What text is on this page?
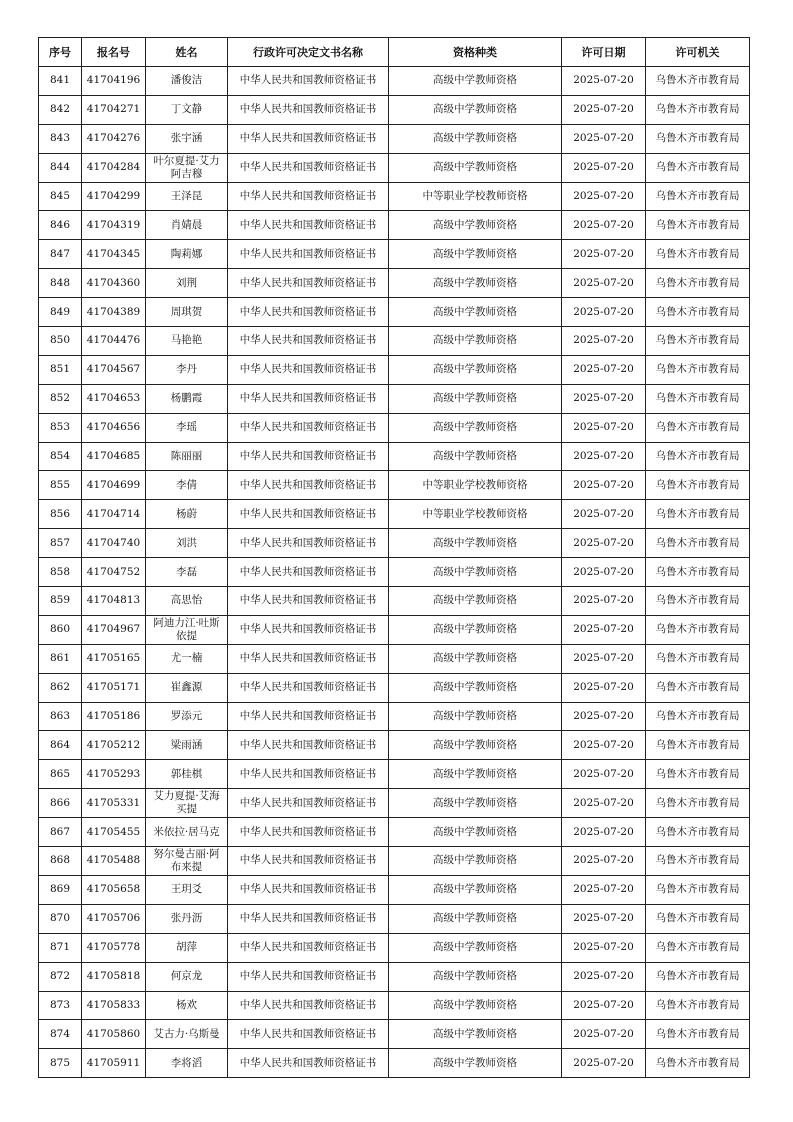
序号	报名号	姓名	行政许可决定文书名称	资格种类	许可日期	许可机关
841	41704196	潘俊洁	中华人民共和国教师资格证书	高级中学教师资格	2025-07-20	乌鲁木齐市教育局
842	41704271	丁文静	中华人民共和国教师资格证书	高级中学教师资格	2025-07-20	乌鲁木齐市教育局
843	41704276	张宇涵	中华人民共和国教师资格证书	高级中学教师资格	2025-07-20	乌鲁木齐市教育局
844	41704284	叶尔夏提·艾力阿吉穆	中华人民共和国教师资格证书	高级中学教师资格	2025-07-20	乌鲁木齐市教育局
845	41704299	王泽昆	中华人民共和国教师资格证书	中等职业学校教师资格	2025-07-20	乌鲁木齐市教育局
846	41704319	肖婧晨	中华人民共和国教师资格证书	高级中学教师资格	2025-07-20	乌鲁木齐市教育局
847	41704345	陶莉娜	中华人民共和国教师资格证书	高级中学教师资格	2025-07-20	乌鲁木齐市教育局
848	41704360	刘荆	中华人民共和国教师资格证书	高级中学教师资格	2025-07-20	乌鲁木齐市教育局
849	41704389	周琪贺	中华人民共和国教师资格证书	高级中学教师资格	2025-07-20	乌鲁木齐市教育局
850	41704476	马艳艳	中华人民共和国教师资格证书	高级中学教师资格	2025-07-20	乌鲁木齐市教育局
851	41704567	李丹	中华人民共和国教师资格证书	高级中学教师资格	2025-07-20	乌鲁木齐市教育局
852	41704653	杨鹏霞	中华人民共和国教师资格证书	高级中学教师资格	2025-07-20	乌鲁木齐市教育局
853	41704656	李瑶	中华人民共和国教师资格证书	高级中学教师资格	2025-07-20	乌鲁木齐市教育局
854	41704685	陈丽丽	中华人民共和国教师资格证书	高级中学教师资格	2025-07-20	乌鲁木齐市教育局
855	41704699	李倩	中华人民共和国教师资格证书	中等职业学校教师资格	2025-07-20	乌鲁木齐市教育局
856	41704714	杨蔚	中华人民共和国教师资格证书	中等职业学校教师资格	2025-07-20	乌鲁木齐市教育局
857	41704740	刘洪	中华人民共和国教师资格证书	高级中学教师资格	2025-07-20	乌鲁木齐市教育局
858	41704752	李磊	中华人民共和国教师资格证书	高级中学教师资格	2025-07-20	乌鲁木齐市教育局
859	41704813	高思怡	中华人民共和国教师资格证书	高级中学教师资格	2025-07-20	乌鲁木齐市教育局
860	41704967	阿迪力江·吐斯依提	中华人民共和国教师资格证书	高级中学教师资格	2025-07-20	乌鲁木齐市教育局
861	41705165	尤一楠	中华人民共和国教师资格证书	高级中学教师资格	2025-07-20	乌鲁木齐市教育局
862	41705171	崔鑫源	中华人民共和国教师资格证书	高级中学教师资格	2025-07-20	乌鲁木齐市教育局
863	41705186	罗添元	中华人民共和国教师资格证书	高级中学教师资格	2025-07-20	乌鲁木齐市教育局
864	41705212	梁雨涵	中华人民共和国教师资格证书	高级中学教师资格	2025-07-20	乌鲁木齐市教育局
865	41705293	郭桂棋	中华人民共和国教师资格证书	高级中学教师资格	2025-07-20	乌鲁木齐市教育局
866	41705331	艾力夏提·艾海买提	中华人民共和国教师资格证书	高级中学教师资格	2025-07-20	乌鲁木齐市教育局
867	41705455	米依拉·居马克	中华人民共和国教师资格证书	高级中学教师资格	2025-07-20	乌鲁木齐市教育局
868	41705488	努尔曼古丽·阿布来提	中华人民共和国教师资格证书	高级中学教师资格	2025-07-20	乌鲁木齐市教育局
869	41705658	王玥爻	中华人民共和国教师资格证书	高级中学教师资格	2025-07-20	乌鲁木齐市教育局
870	41705706	张丹沥	中华人民共和国教师资格证书	高级中学教师资格	2025-07-20	乌鲁木齐市教育局
871	41705778	胡萍	中华人民共和国教师资格证书	高级中学教师资格	2025-07-20	乌鲁木齐市教育局
872	41705818	何京龙	中华人民共和国教师资格证书	高级中学教师资格	2025-07-20	乌鲁木齐市教育局
873	41705833	杨欢	中华人民共和国教师资格证书	高级中学教师资格	2025-07-20	乌鲁木齐市教育局
874	41705860	艾古力·乌斯曼	中华人民共和国教师资格证书	高级中学教师资格	2025-07-20	乌鲁木齐市教育局
875	41705911	李将滔	中华人民共和国教师资格证书	高级中学教师资格	2025-07-20	乌鲁木齐市教育局
